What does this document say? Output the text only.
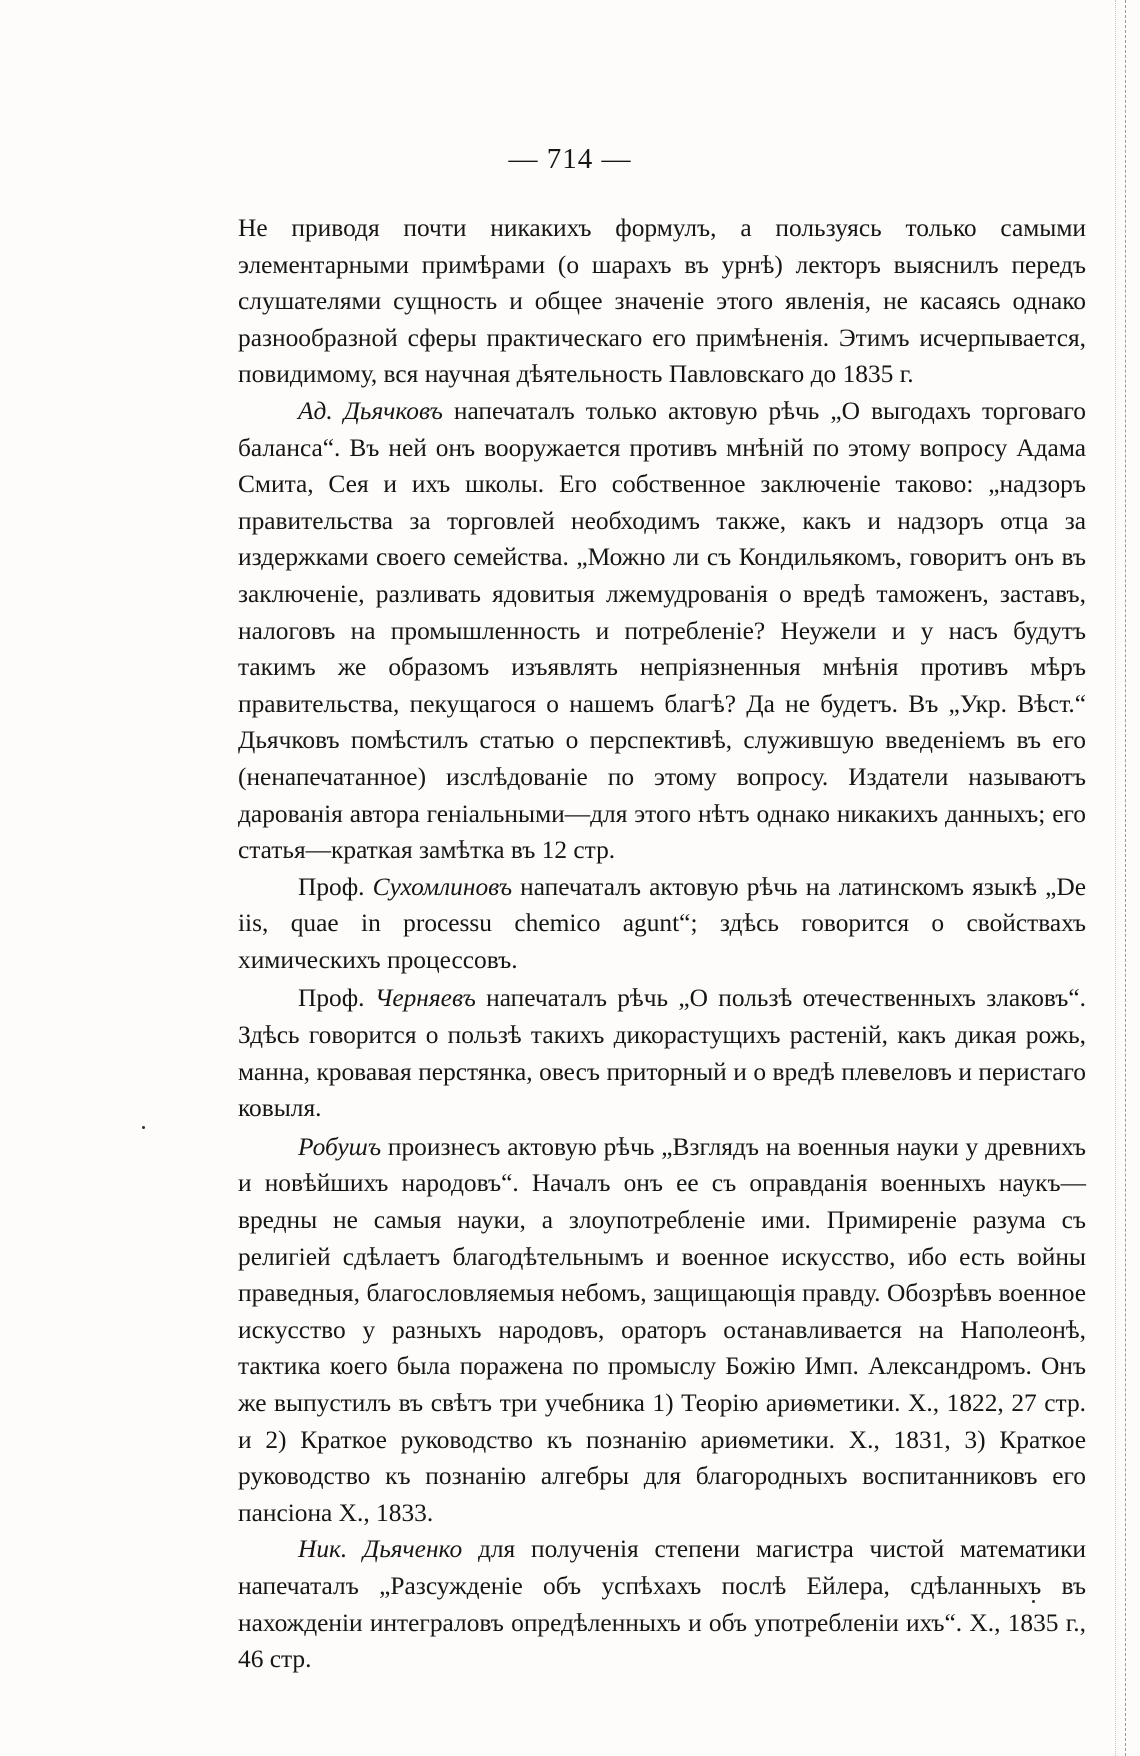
— 714 —

Не приводя почти никакихъ формулъ, а пользуясь только самыми элементарными примѣрами (о шарахъ въ урнѣ) лекторъ выяснилъ передъ слушателями сущность и общее значеніе этого явленія, не касаясь однако разнообразной сферы практическаго его примѣненія. Этимъ исчерпывается, повидимому, вся научная дѣятельность Павловскаго до 1835 г.

Ад. Дьячковъ напечаталъ только актовую рѣчь „О выгодахъ торговаго баланса“. Въ ней онъ вооружается противъ мнѣній по этому вопросу Адама Смита, Сея и ихъ школы. Его собственное заключеніе таково: „надзоръ правительства за торговлей необходимъ также, какъ и надзоръ отца за издержками своего семейства. „Можно ли съ Кондильякомъ, говоритъ онъ въ заключеніе, разливать ядовитыя лжемудрованія о вредѣ таможенъ, заставъ, налоговъ на промышленность и потребленіе? Неужели и у насъ будутъ такимъ же образомъ изъявлять непріязненныя мнѣнія противъ мѣръ правительства, пекущагося о нашемъ благѣ? Да не будетъ. Въ „Укр. Вѣст.“ Дьячковъ помѣстилъ статью о перспективѣ, служившую введеніемъ въ его (ненапечатанное) изслѣдованіе по этому вопросу. Издатели называютъ дарованія автора геніальными—для этого нѣтъ однако никакихъ данныхъ; его статья—краткая замѣтка въ 12 стр.

Проф. Сухомлиновъ напечаталъ актовую рѣчь на латинскомъ языкѣ „De iis, quae in processu chemico agunt“; здѣсь говорится о свойствахъ химическихъ процессовъ.

Проф. Черняевъ напечаталъ рѣчь „О пользѣ отечественныхъ злаковъ“. Здѣсь говорится о пользѣ такихъ дикорастущихъ растеній, какъ дикая рожь, манна, кровавая перстянка, овесъ приторный и о вредѣ плевеловъ и перистаго ковыля.

Робушъ произнесъ актовую рѣчь „Взглядъ на военныя науки у древнихъ и новѣйшихъ народовъ“. Началъ онъ ее съ оправданія военныхъ наукъ—вредны не самыя науки, а злоупотребленіе ими. Примиреніе разума съ религіей сдѣлаетъ благодѣтельнымъ и военное искусство, ибо есть войны праведныя, благословляемыя небомъ, защищающія правду. Обозрѣвъ военное искусство у разныхъ народовъ, ораторъ останавливается на Наполеонѣ, тактика коего была поражена по промыслу Божію Имп. Александромъ. Онъ же выпустилъ въ свѣтъ три учебника 1) Теорію ариѳметики. Х., 1822, 27 стр. и 2) Краткое руководство къ познанію ариѳметики. Х., 1831, 3) Краткое руководство къ познанію алгебры для благородныхъ воспитанниковъ его пансіона Х., 1833.

Ник. Дьяченко для полученія степени магистра чистой математики напечаталъ „Разсужденіе объ успѣхахъ послѣ Ейлера, сдѣланныхъ въ нахожденіи интеграловъ опредѣленныхъ и объ употребленіи ихъ“. Х., 1835 г., 46 стр.
